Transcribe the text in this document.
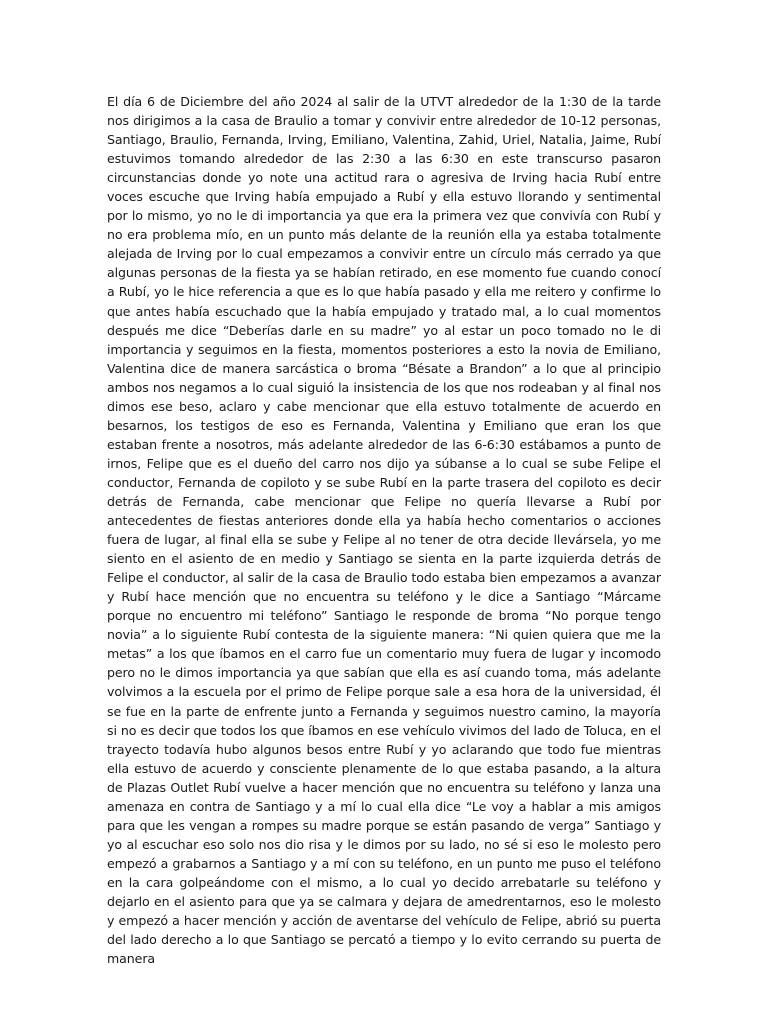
El día 6 de Diciembre del año 2024 al salir de la UTVT alrededor de la 1:30 de la tarde nos dirigimos a la casa de Braulio a tomar y convivir entre alrededor de 10-12 personas, Santiago, Braulio, Fernanda, Irving, Emiliano, Valentina, Zahid, Uriel, Natalia, Jaime, Rubí estuvimos tomando alrededor de las 2:30 a las 6:30 en este transcurso pasaron circunstancias donde yo note una actitud rara o agresiva de Irving hacia Rubí entre voces escuche que Irving había empujado a Rubí y ella estuvo llorando y sentimental por lo mismo, yo no le di importancia ya que era la primera vez que convivía con Rubí y no era problema mío, en un punto más delante de la reunión ella ya estaba totalmente alejada de Irving por lo cual empezamos a convivir entre un círculo más cerrado ya que algunas personas de la fiesta ya se habían retirado, en ese momento fue cuando conocí a Rubí, yo le hice referencia a que es lo que había pasado y ella me reitero y confirme lo que antes había escuchado que la había empujado y tratado mal, a lo cual momentos después me dice “Deberías darle en su madre” yo al estar un poco tomado no le di importancia y seguimos en la fiesta, momentos posteriores a esto la novia de Emiliano, Valentina dice de manera sarcástica o broma “Bésate a Brandon” a lo que al principio ambos nos negamos a lo cual siguió la insistencia de los que nos rodeaban y al final nos dimos ese beso, aclaro y cabe mencionar que ella estuvo totalmente de acuerdo en besarnos, los testigos de eso es Fernanda, Valentina y Emiliano que eran los que estaban frente a nosotros, más adelante alrededor de las 6-6:30 estábamos a punto de irnos, Felipe que es el dueño del carro nos dijo ya súbanse a lo cual se sube Felipe el conductor, Fernanda de copiloto y se sube Rubí en la parte trasera del copiloto es decir detrás de Fernanda, cabe mencionar que Felipe no quería llevarse a Rubí por antecedentes de fiestas anteriores donde ella ya había hecho comentarios o acciones fuera de lugar, al final ella se sube y Felipe al no tener de otra decide llevársela, yo me siento en el asiento de en medio y Santiago se sienta en la parte izquierda detrás de Felipe el conductor, al salir de la casa de Braulio todo estaba bien empezamos a avanzar y Rubí hace mención que no encuentra su teléfono y le dice a Santiago “Márcame porque no encuentro mi teléfono” Santiago le responde de broma “No porque tengo novia” a lo siguiente Rubí contesta de la siguiente manera: “Ni quien quiera que me la metas” a los que íbamos en el carro fue un comentario muy fuera de lugar y incomodo pero no le dimos importancia ya que sabían que ella es así cuando toma, más adelante volvimos a la escuela por el primo de Felipe porque sale a esa hora de la universidad, él se fue en la parte de enfrente junto a Fernanda y seguimos nuestro camino, la mayoría si no es decir que todos los que íbamos en ese vehículo vivimos del lado de Toluca, en el trayecto todavía hubo algunos besos entre Rubí y yo aclarando que todo fue mientras ella estuvo de acuerdo y consciente plenamente de lo que estaba pasando, a la altura de Plazas Outlet Rubí vuelve a hacer mención que no encuentra su teléfono y lanza una amenaza en contra de Santiago y a mí lo cual ella dice “Le voy a hablar a mis amigos para que les vengan a rompes su madre porque se están pasando de verga” Santiago y yo al escuchar eso solo nos dio risa y le dimos por su lado, no sé si eso le molesto pero empezó a grabarnos a Santiago y a mí con su teléfono, en un punto me puso el teléfono en la cara golpeándome con el mismo, a lo cual yo decido arrebatarle su teléfono y dejarlo en el asiento para que ya se calmara y dejara de amedrentarnos, eso le molesto y empezó a hacer mención y acción de aventarse del vehículo de Felipe, abrió su puerta del lado derecho a lo que Santiago se percató a tiempo y lo evito cerrando su puerta de manera
